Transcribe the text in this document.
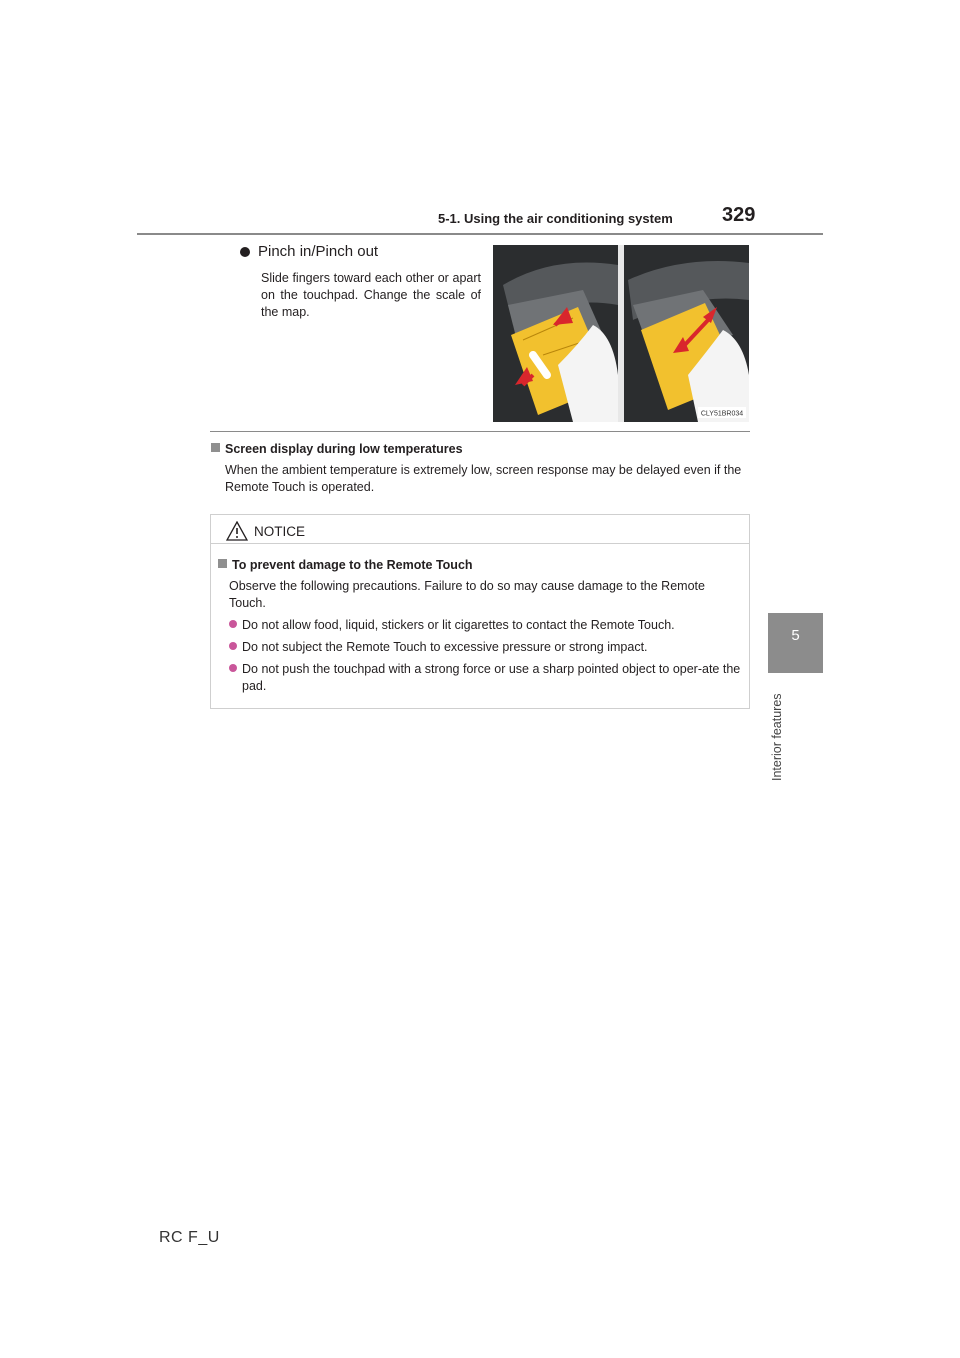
5-1. Using the air conditioning system 329
5
Interior features
Pinch in/Pinch out
Slide fingers toward each other or apart on the touchpad. Change the scale of the map.
CLY51BR034
Screen display during low temperatures
When the ambient temperature is extremely low, screen response may be delayed even if the Remote Touch is operated.
NOTICE
To prevent damage to the Remote Touch
Observe the following precautions. Failure to do so may cause damage to the Remote Touch.
Do not allow food, liquid, stickers or lit cigarettes to contact the Remote Touch.
Do not subject the Remote Touch to excessive pressure or strong impact.
Do not push the touchpad with a strong force or use a sharp pointed object to oper-ate the pad.
RC F_U
